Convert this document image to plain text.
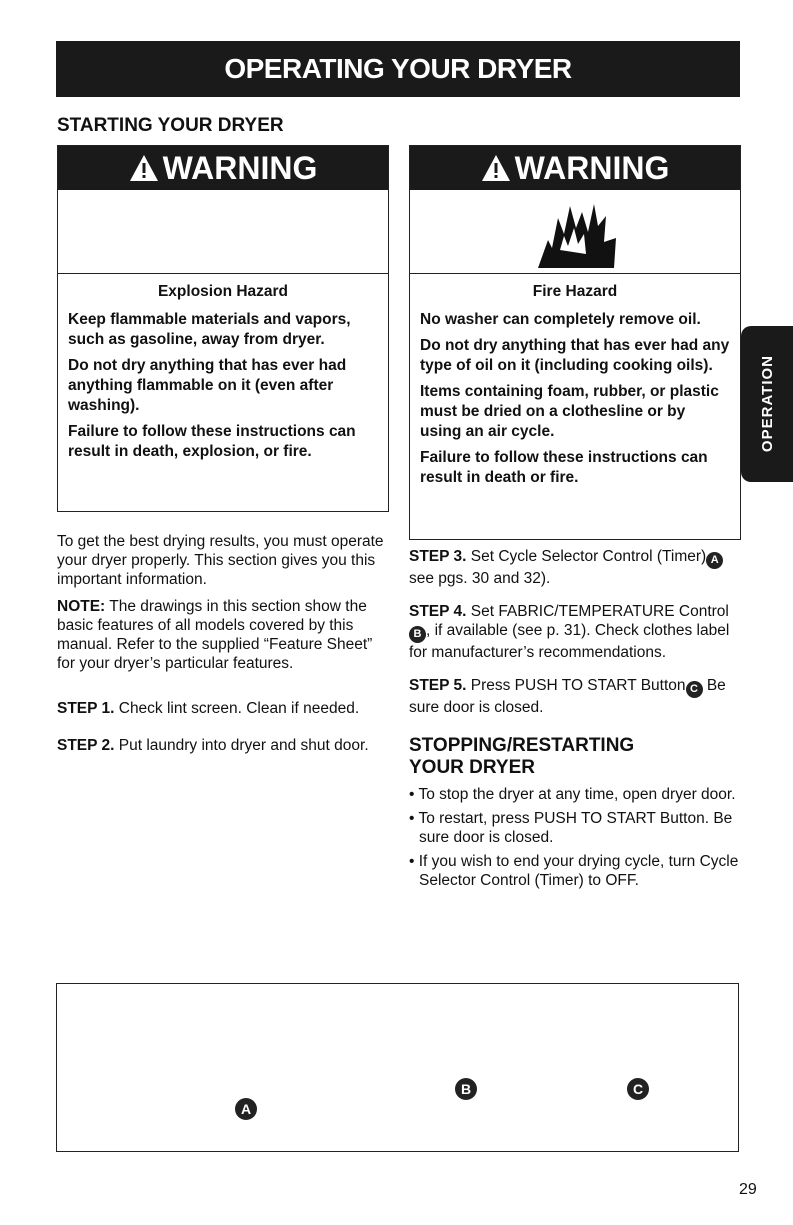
OPERATING YOUR DRYER
STARTING YOUR DRYER
WARNING
Explosion Hazard

Keep flammable materials and vapors, such as gasoline, away from dryer.

Do not dry anything that has ever had anything flammable on it (even after washing).

Failure to follow these instructions can result in death, explosion, or fire.

WARNING
Fire Hazard

No washer can completely remove oil.

Do not dry anything that has ever had any type of oil on it (including cooking oils).

Items containing foam, rubber, or plastic must be dried on a clothesline or by using an air cycle.

Failure to follow these instructions can result in death or fire.

To get the best drying results, you must operate your dryer properly. This section gives you this important information.

NOTE: The drawings in this section show the basic features of all models covered by this manual. Refer to the supplied “Feature Sheet” for your dryer’s particular features.

STEP 1. Check lint screen. Clean if needed.

STEP 2. Put laundry into dryer and shut door.

STEP 3. Set Cycle Selector Control (Timer) A see pgs. 30 and 32).

STEP 4. Set FABRIC/TEMPERATURE Control B , if available (see p. 31). Check clothes label for manufacturer’s recommendations.

STEP 5. Press PUSH TO START Button C Be sure door is closed.

STOPPING/RESTARTING
YOUR DRYER
• To stop the dryer at any time, open dryer door.
• To restart, press PUSH TO START Button. Be sure door is closed.
• If you wish to end your drying cycle, turn Cycle Selector Control (Timer) to OFF.
OPERATION
A
B	C
29
